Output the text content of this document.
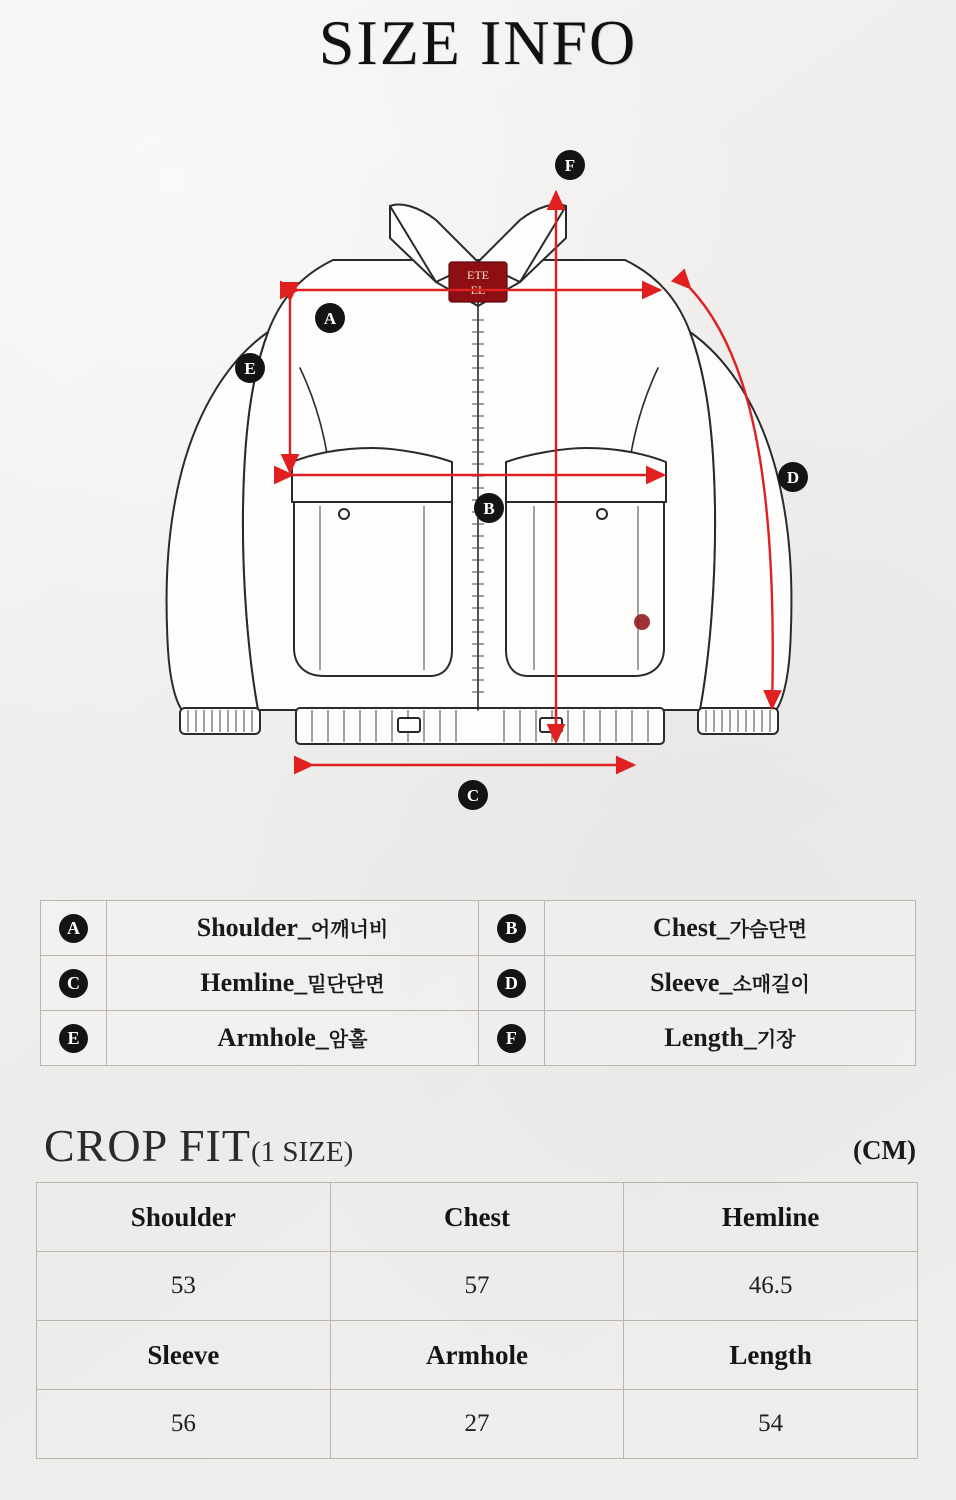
SIZE INFO
ETE
EL
A
B
C
D
E
F
A	Shoulder_어깨너비	B	Chest_가슴단면
C	Hemline_밑단단면	D	Sleeve_소매길이
E	Armhole_암홀	F	Length_기장
CROP FIT(1 SIZE)	(CM)
Shoulder	Chest	Hemline
53	57	46.5
Sleeve	Armhole	Length
56	27	54
